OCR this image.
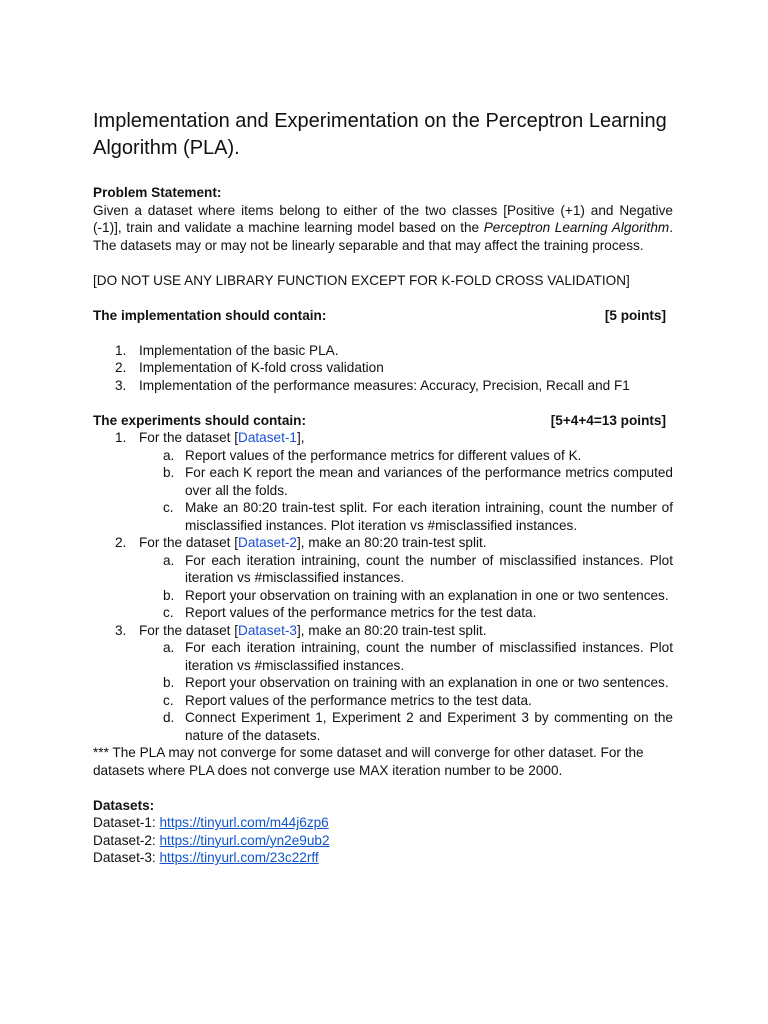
Implementation and Experimentation on the Perceptron Learning Algorithm (PLA).

Problem Statement:

Given a dataset where items belong to either of the two classes [Positive (+1) and Negative (-1)], train and validate a machine learning model based on the Perceptron Learning Algorithm. The datasets may or may not be linearly separable and that may affect the training process.

[DO NOT USE ANY LIBRARY FUNCTION EXCEPT FOR K-FOLD CROSS VALIDATION]

The implementation should contain:	[5 points]
1. Implementation of the basic PLA.
2. Implementation of K-fold cross validation
3. Implementation of the performance measures: Accuracy, Precision, Recall and F1
The experiments should contain:	[5+4+4=13 points]
1. For the dataset [Dataset-1],
a. Report values of the performance metrics for different values of K.
b. For each K report the mean and variances of the performance metrics computed over all the folds.
c. Make an 80:20 train-test split. For each iteration intraining, count the number of misclassified instances. Plot iteration vs #misclassified instances.
2. For the dataset [Dataset-2], make an 80:20 train-test split.
a. For each iteration intraining, count the number of misclassified instances. Plot iteration vs #misclassified instances.
b. Report your observation on training with an explanation in one or two sentences.
c. Report values of the performance metrics for the test data.
3. For the dataset [Dataset-3], make an 80:20 train-test split.
a. For each iteration intraining, count the number of misclassified instances. Plot iteration vs #misclassified instances.
b. Report your observation on training with an explanation in one or two sentences.
c. Report values of the performance metrics to the test data.
d. Connect Experiment 1, Experiment 2 and Experiment 3 by commenting on the nature of the datasets.

*** The PLA may not converge for some dataset and will converge for other dataset. For the datasets where PLA does not converge use MAX iteration number to be 2000.

Datasets:

Dataset-1: https://tinyurl.com/m44j6zp6

Dataset-2: https://tinyurl.com/yn2e9ub2

Dataset-3: https://tinyurl.com/23c22rff
